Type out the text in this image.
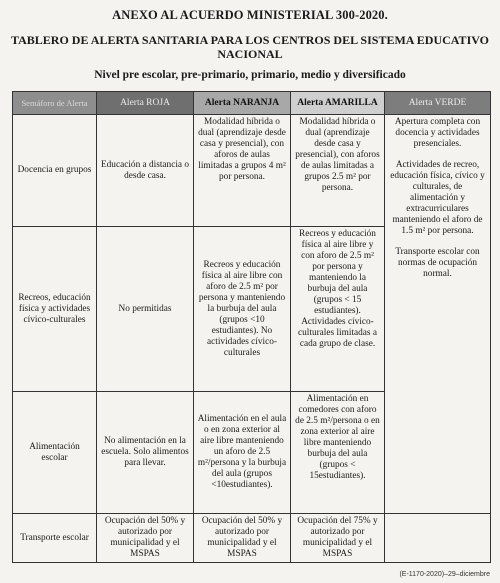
ANEXO AL ACUERDO MINISTERIAL 300-2020.
TABLERO DE ALERTA SANITARIA PARA LOS CENTROS DEL SISTEMA EDUCATIVO NACIONAL
Nivel pre escolar, pre-primario, primario, medio y diversificado
Semáforo de Alerta	Alerta ROJA	Alerta NARANJA	Alerta AMARILLA	Alerta VERDE
Docencia en grupos	Educación a distancia o desde casa.	Modalidad híbrida o dual (aprendizaje desde casa y presencial), con aforos de aulas limitadas a grupos 4 m² por persona.	Modalidad híbrida o dual (aprendizaje desde casa y presencial), con aforos de aulas limitadas a grupos 2.5 m² por persona.	Apertura completa con docencia y actividades presenciales.
Actividades de recreo, educación física, cívico y culturales, de alimentación y extracurriculares manteniendo el aforo de 1.5 m² por persona.
Transporte escolar con normas de ocupación normal.

Recreos, educación física y actividades cívico-culturales	No permitidas	Recreos y educación física al aire libre con aforo de 2.5 m² por persona y manteniendo la burbuja del aula (grupos <10 estudiantes). No actividades cívico-culturales	Recreos y educación física al aire libre y con aforo de 2.5 m² por persona y manteniendo la burbuja del aula (grupos < 15 estudiantes). Actividades cívico-culturales limitadas a cada grupo de clase.	
Alimentación escolar	No alimentación en la escuela. Solo alimentos para llevar.	Alimentación en el aula o en zona exterior al aire libre manteniendo un aforo de 2.5 m²/persona y la burbuja del aula (grupos <10estudiantes).	Alimentación en comedores con aforo de 2.5 m²/persona o en zona exterior al aire libre manteniendo burbuja del aula (grupos < 15estudiantes).	
Transporte escolar	Ocupación del 50% y autorizado por municipalidad y el MSPAS	Ocupación del 50% y autorizado por municipalidad y el MSPAS	Ocupación del 75% y autorizado por municipalidad y el MSPAS	
(E-1170-2020)–29–diciembre
